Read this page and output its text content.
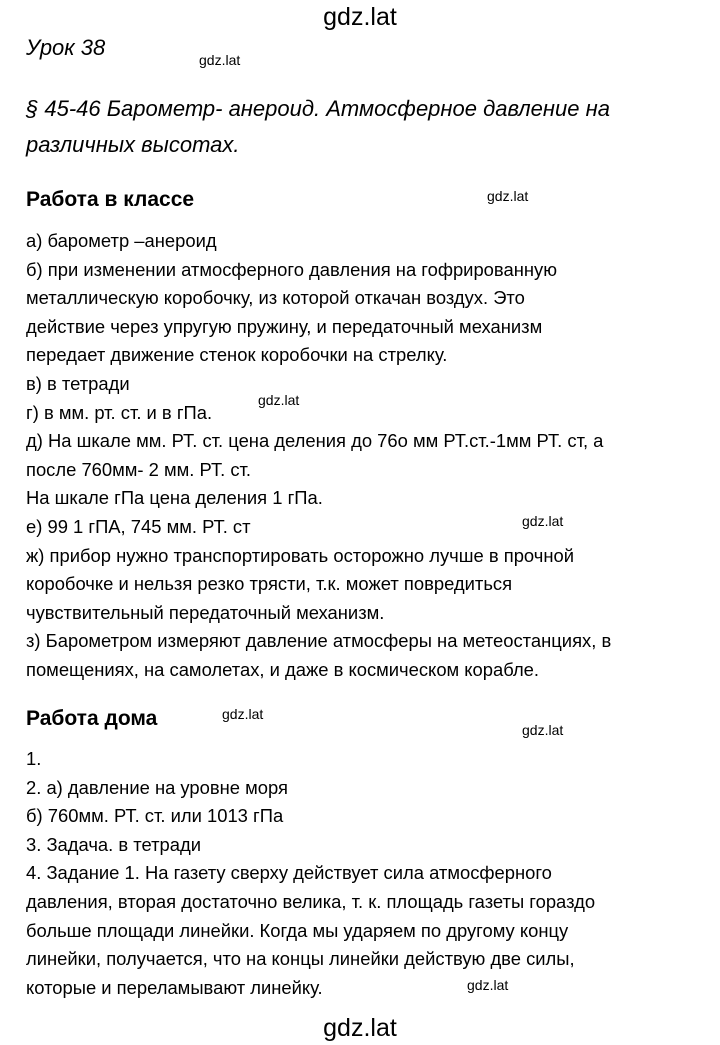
gdz.lat
gdz.lat
gdz.lat
gdz.lat
gdz.lat
gdz.lat
gdz.lat
gdz.lat
gdz.lat
Урок 38
§ 45-46 Барометр- анероид. Атмосферное давление на
различных высотах.
Работа в классе
а) барометр –анероид
б) при изменении атмосферного давления на гофрированную
металлическую коробочку, из которой откачан воздух. Это
действие через упругую пружину, и передаточный механизм
передает движение стенок коробочки на стрелку.
в) в тетради
г) в мм. рт. ст. и в гПа.
д) На шкале мм. РТ. ст. цена деления до 76о мм РТ.ст.-1мм РТ. ст, а
после 760мм- 2 мм. РТ. ст.
На шкале гПа цена деления 1 гПа.
е) 99 1 гПА, 745 мм. РТ. ст
ж) прибор нужно транспортировать осторожно лучше в прочной
коробочке и нельзя резко трясти, т.к. может повредиться
чувствительный передаточный механизм.
з) Барометром измеряют давление атмосферы на метеостанциях, в
помещениях, на самолетах, и даже в космическом корабле.
Работа дома
1.
2. а) давление на уровне моря
б) 760мм. РТ. ст. или 1013 гПа
3. Задача. в тетради
4. Задание 1. На газету сверху действует сила атмосферного
давления, вторая достаточно велика, т. к. площадь газеты гораздо
больше площади линейки. Когда мы ударяем по другому концу
линейки, получается, что на концы линейки действую две силы,
которые и переламывают линейку.
